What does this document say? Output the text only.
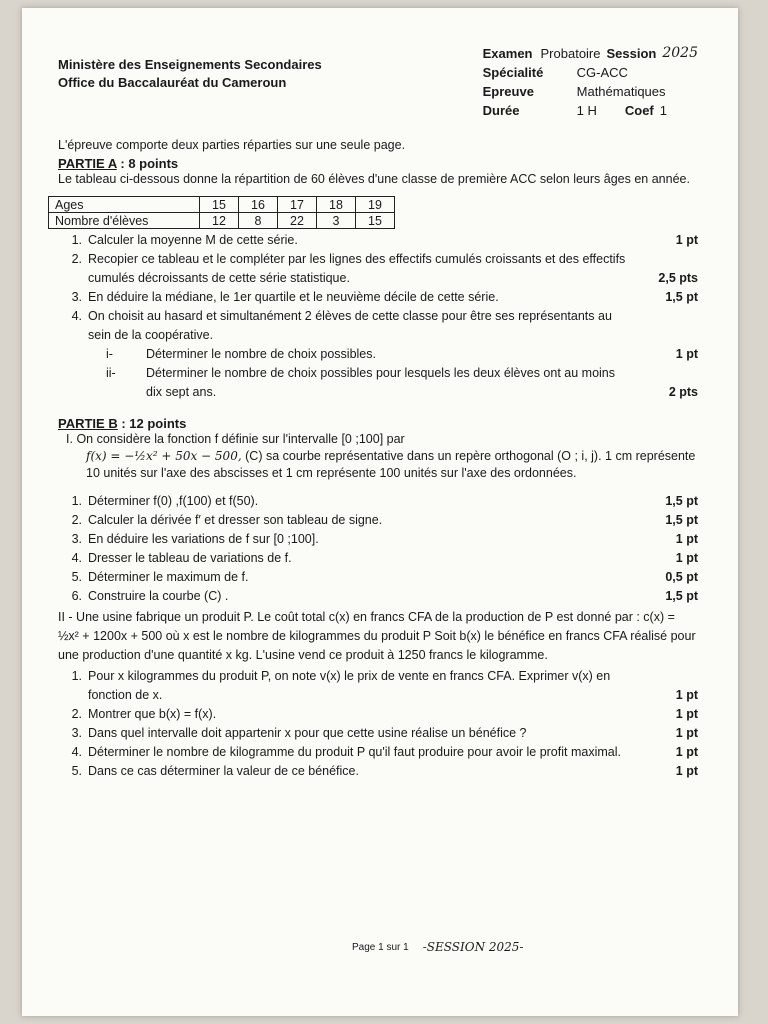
Ministère des Enseignements Secondaires
Office du Baccalauréat du Cameroun
Examen Probatoire Session 2025
Spécialité	CG-ACC
Epreuve	Mathématiques
Durée	1 H Coef 1

L'épreuve comporte deux parties réparties sur une seule page.

PARTIE A : 8 points

Le tableau ci-dessous donne la répartition de 60 élèves d'une classe de première ACC selon leurs âges en année.

Ages	15	16	17	18	19
Nombre d'élèves	12	8	22	3	15
1. Calculer la moyenne M de cette série.	1 pt
2. Recopier ce tableau et le compléter par les lignes des effectifs cumulés croissants et des effectifs cumulés décroissants de cette série statistique.	2,5 pts
3. En déduire la médiane, le 1er quartile et le neuvième décile de cette série.	1,5 pt
4. On choisit au hasard et simultanément 2 élèves de cette classe pour être ses représentants au sein de la coopérative.
i-	Déterminer le nombre de choix possibles.	1 pt
ii-	Déterminer le nombre de choix possibles pour lesquels les deux élèves ont au moins dix sept ans.	2 pts
PARTIE B : 12 points
I. On considère la fonction f définie sur l'intervalle [0 ;100] par
f(x) = −½x² + 50x − 500, (C) sa courbe représentative dans un repère orthogonal (O ; i, j). 1 cm représente 10 unités sur l'axe des abscisses et 1 cm représente 100 unités sur l'axe des ordonnées.
1. Déterminer f(0) ,f(100) et f(50).	1,5 pt
2. Calculer la dérivée f′ et dresser son tableau de signe.	1,5 pt
3. En déduire les variations de f sur [0 ;100].	1 pt
4. Dresser le tableau de variations de f.	1 pt
5. Déterminer le maximum de f.	0,5 pt
6. Construire la courbe (C) .	1,5 pt

II - Une usine fabrique un produit P. Le coût total c(x) en francs CFA de la production de P est donné par : c(x) = ½x² + 1200x + 500 où x est le nombre de kilogrammes du produit P Soit b(x) le bénéfice en francs CFA réalisé pour une production d'une quantité x kg. L'usine vend ce produit à 1250 francs le kilogramme.

1. Pour x kilogrammes du produit P, on note v(x) le prix de vente en francs CFA. Exprimer v(x) en fonction de x.	1 pt
2. Montrer que b(x) = f(x).	1 pt
3. Dans quel intervalle doit appartenir x pour que cette usine réalise un bénéfice ?	1 pt
4. Déterminer le nombre de kilogramme du produit P qu'il faut produire pour avoir le profit maximal.	1 pt
5. Dans ce cas déterminer la valeur de ce bénéfice.	1 pt
Page 1 sur 1 -SESSION 2025-
